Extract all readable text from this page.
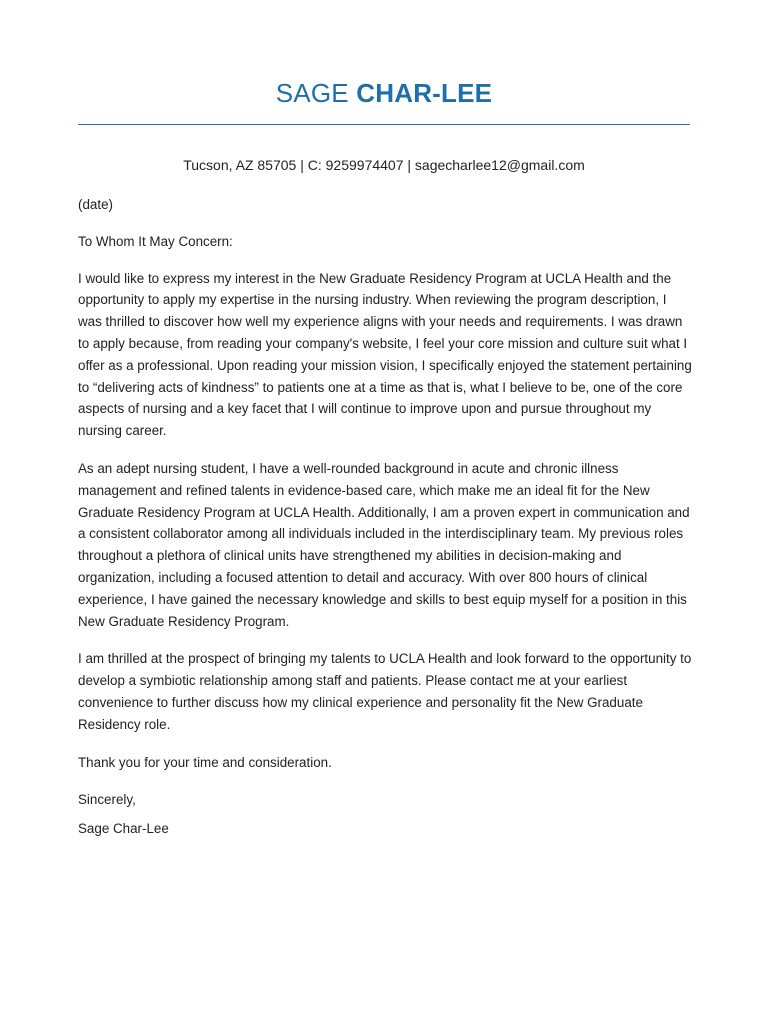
SAGE CHAR-LEE
Tucson, AZ 85705 | C: 9259974407 | sagecharlee12@gmail.com

(date)

To Whom It May Concern:

I would like to express my interest in the New Graduate Residency Program at UCLA Health and the opportunity to apply my expertise in the nursing industry. When reviewing the program description, I was thrilled to discover how well my experience aligns with your needs and requirements. I was drawn to apply because, from reading your company's website, I feel your core mission and culture suit what I offer as a professional. Upon reading your mission vision, I specifically enjoyed the statement pertaining to “delivering acts of kindness” to patients one at a time as that is, what I believe to be, one of the core aspects of nursing and a key facet that I will continue to improve upon and pursue throughout my nursing career.

As an adept nursing student, I have a well-rounded background in acute and chronic illness management and refined talents in evidence-based care, which make me an ideal fit for the New Graduate Residency Program at UCLA Health. Additionally, I am a proven expert in communication and a consistent collaborator among all individuals included in the interdisciplinary team. My previous roles throughout a plethora of clinical units have strengthened my abilities in decision-making and organization, including a focused attention to detail and accuracy. With over 800 hours of clinical experience, I have gained the necessary knowledge and skills to best equip myself for a position in this New Graduate Residency Program.

I am thrilled at the prospect of bringing my talents to UCLA Health and look forward to the opportunity to develop a symbiotic relationship among staff and patients. Please contact me at your earliest convenience to further discuss how my clinical experience and personality fit the New Graduate Residency role.

Thank you for your time and consideration.

Sincerely,

Sage Char-Lee
